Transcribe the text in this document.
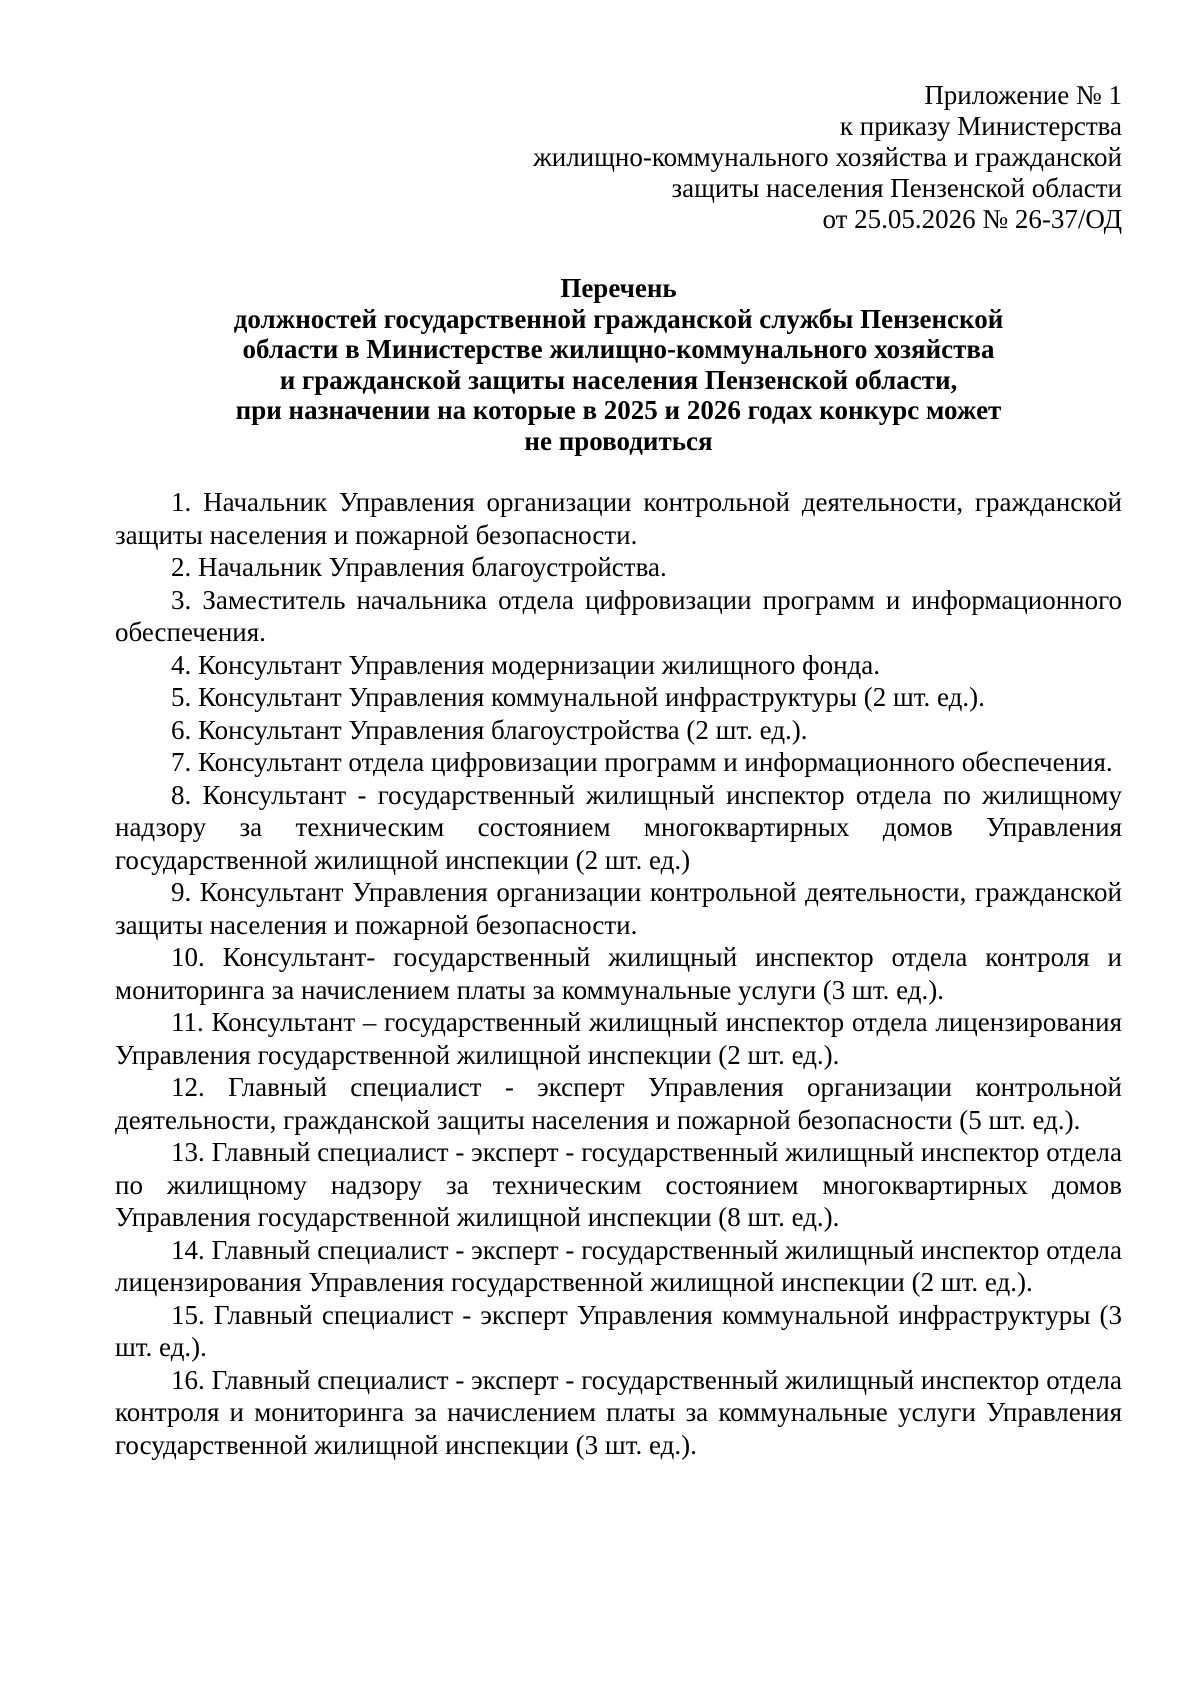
Приложение № 1
к приказу Министерства
жилищно-коммунального хозяйства и гражданской
защиты населения Пензенской области
от 25.05.2026 № 26-37/ОД
Перечень
должностей государственной гражданской службы Пензенской
области в Министерстве жилищно-коммунального хозяйства
и гражданской защиты населения Пензенской области,
при назначении на которые в 2025 и 2026 годах конкурс может
не проводиться

1. Начальник Управления организации контрольной деятельности, гражданской защиты населения и пожарной безопасности.

2. Начальник Управления благоустройства.

3. Заместитель начальника отдела цифровизации программ и информационного обеспечения.

4. Консультант Управления модернизации жилищного фонда.

5. Консультант Управления коммунальной инфраструктуры (2 шт. ед.).

6. Консультант Управления благоустройства (2 шт. ед.).

7. Консультант отдела цифровизации программ и информационного обеспечения.

8. Консультант - государственный жилищный инспектор отдела по жилищному надзору за техническим состоянием многоквартирных домов Управления государственной жилищной инспекции (2 шт. ед.)

9. Консультант Управления организации контрольной деятельности, гражданской защиты населения и пожарной безопасности.

10. Консультант- государственный жилищный инспектор отдела контроля и мониторинга за начислением платы за коммунальные услуги (3 шт. ед.).

11. Консультант – государственный жилищный инспектор отдела лицензирования Управления государственной жилищной инспекции (2 шт. ед.).

12. Главный специалист - эксперт Управления организации контрольной деятельности, гражданской защиты населения и пожарной безопасности (5 шт. ед.).

13. Главный специалист - эксперт - государственный жилищный инспектор отдела по жилищному надзору за техническим состоянием многоквартирных домов Управления государственной жилищной инспекции (8 шт. ед.).

14. Главный специалист - эксперт - государственный жилищный инспектор отдела лицензирования Управления государственной жилищной инспекции (2 шт. ед.).

15. Главный специалист - эксперт Управления коммунальной инфраструктуры (3 шт. ед.).

16. Главный специалист - эксперт - государственный жилищный инспектор отдела контроля и мониторинга за начислением платы за коммунальные услуги Управления государственной жилищной инспекции (3 шт. ед.).
